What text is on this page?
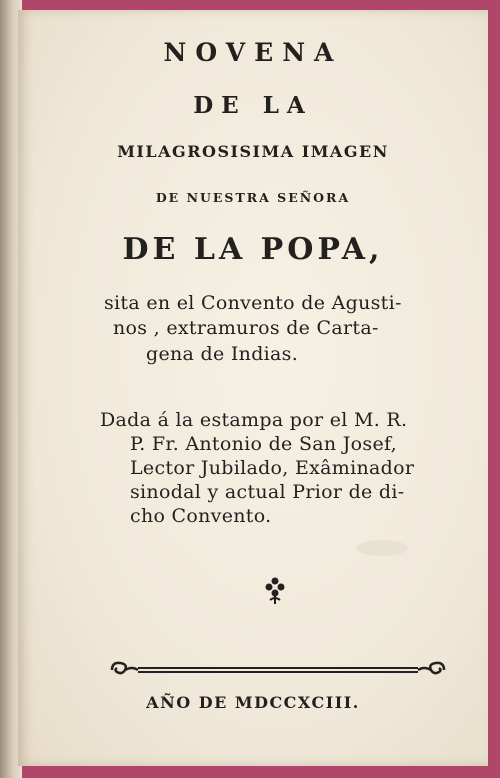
NOVENA

DE LA

MILAGROSISIMA IMAGEN

DE NUESTRA SEÑORA

DE LA POPA,

sita en el Convento de Agusti-

nos , extramuros de Carta-

gena de Indias.

Dada á la estampa por el M. R.

P. Fr. Antonio de San Josef,

Lector Jubilado, Exâminador

sinodal y actual Prior de di-

cho Convento.

AÑO DE MDCCXCIII.
